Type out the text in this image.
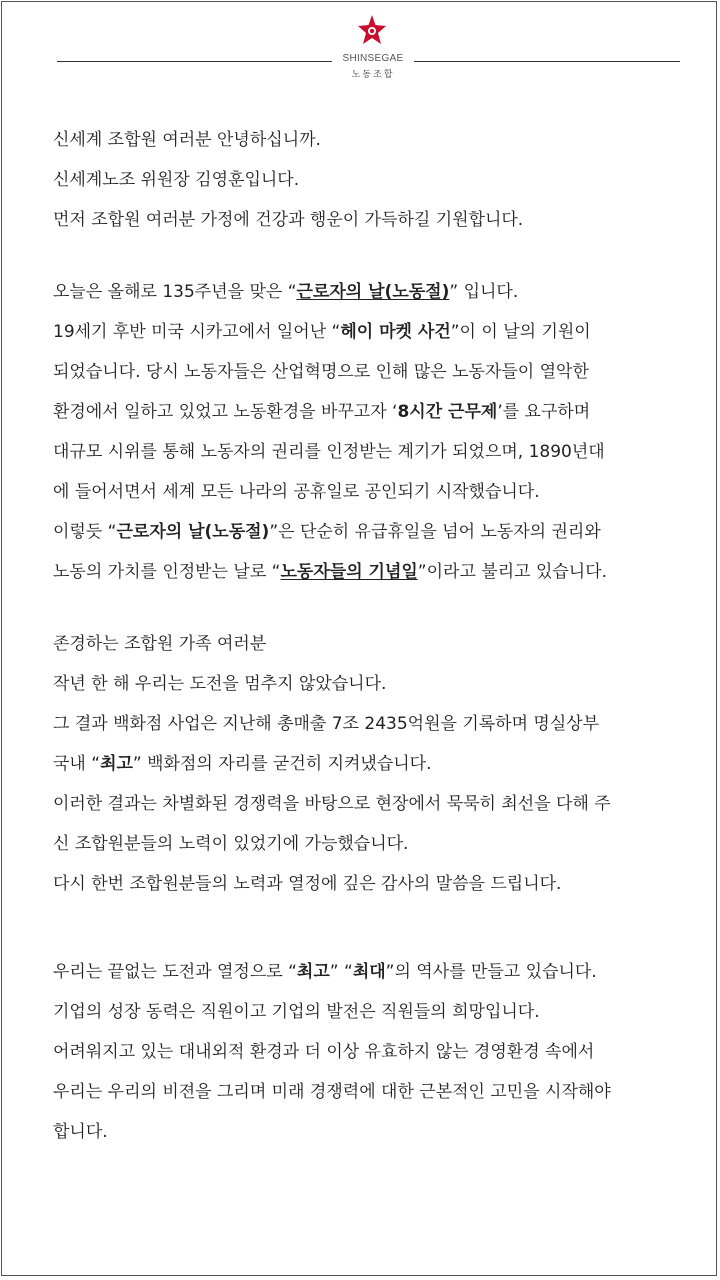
SHINSEGAE
노동조합

신세계 조합원 여러분 안녕하십니까.

신세계노조 위원장 김영훈입니다.

먼저 조합원 여러분 가정에 건강과 행운이 가득하길 기원합니다.

오늘은 올해로 135주년을 맞은 “근로자의 날(노동절)” 입니다.

19세기 후반 미국 시카고에서 일어난 “헤이 마켓 사건”이 이 날의 기원이

되었습니다. 당시 노동자들은 산업혁명으로 인해 많은 노동자들이 열악한

환경에서 일하고 있었고 노동환경을 바꾸고자 ‘8시간 근무제’를 요구하며

대규모 시위를 통해 노동자의 권리를 인정받는 계기가 되었으며, 1890년대

에 들어서면서 세계 모든 나라의 공휴일로 공인되기 시작했습니다.

이렇듯 “근로자의 날(노동절)”은 단순히 유급휴일을 넘어 노동자의 권리와

노동의 가치를 인정받는 날로 “노동자들의 기념일”이라고 불리고 있습니다.

존경하는 조합원 가족 여러분

작년 한 해 우리는 도전을 멈추지 않았습니다.

그 결과 백화점 사업은 지난해 총매출 7조 2435억원을 기록하며 명실상부

국내 “최고” 백화점의 자리를 굳건히 지켜냈습니다.

이러한 결과는 차별화된 경쟁력을 바탕으로 현장에서 묵묵히 최선을 다해 주

신 조합원분들의 노력이 있었기에 가능했습니다.

다시 한번 조합원분들의 노력과 열정에 깊은 감사의 말씀을 드립니다.

우리는 끝없는 도전과 열정으로 “최고” “최대”의 역사를 만들고 있습니다.

기업의 성장 동력은 직원이고 기업의 발전은 직원들의 희망입니다.

어려워지고 있는 대내외적 환경과 더 이상 유효하지 않는 경영환경 속에서

우리는 우리의 비젼을 그리며 미래 경쟁력에 대한 근본적인 고민을 시작해야

합니다.
